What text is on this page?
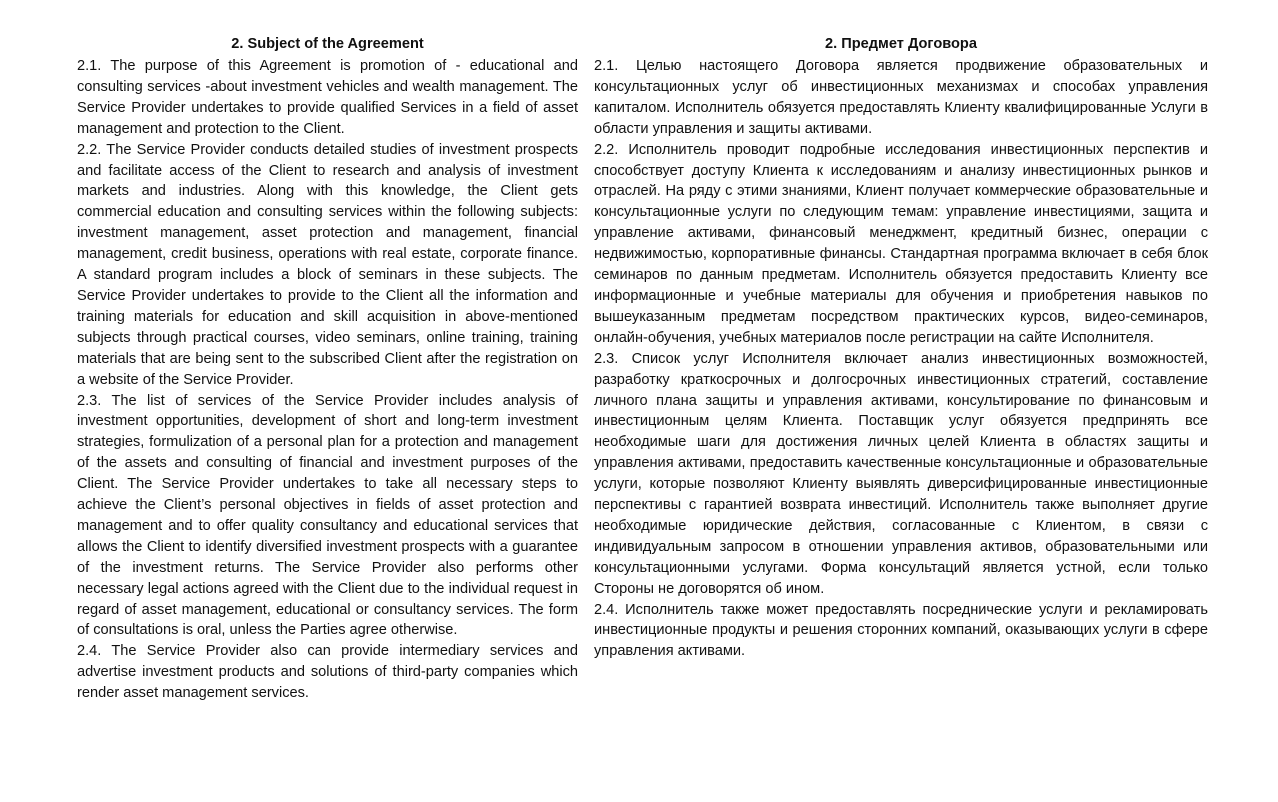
2. Subject of the Agreement

2.1. The purpose of this Agreement is promotion of - educational and consulting services -about investment vehicles and wealth management. The Service Provider undertakes to provide qualified Services in a field of asset management and protection to the Client.

2.2. The Service Provider conducts detailed studies of investment prospects and facilitate access of the Client to research and analysis of investment markets and industries. Along with this knowledge, the Client gets commercial education and consulting services within the following subjects: investment management, asset protection and management, financial management, credit business, operations with real estate, corporate finance. A standard program includes a block of seminars in these subjects. The Service Provider undertakes to provide to the Client all the information and training materials for education and skill acquisition in above-mentioned subjects through practical courses, video seminars, online training, training materials that are being sent to the subscribed Client after the registration on a website of the Service Provider.

2.3. The list of services of the Service Provider includes analysis of investment opportunities, development of short and long-term investment strategies, formulization of a personal plan for a protection and management of the assets and consulting of financial and investment purposes of the Client. The Service Provider undertakes to take all necessary steps to achieve the Client’s personal objectives in fields of asset protection and management and to offer quality consultancy and educational services that allows the Client to identify diversified investment prospects with a guarantee of the investment returns. The Service Provider also performs other necessary legal actions agreed with the Client due to the individual request in regard of asset management, educational or consultancy services. The form of consultations is oral, unless the Parties agree otherwise.

2.4. The Service Provider also can provide intermediary services and advertise investment products and solutions of third-party companies which render asset management services.

2. Предмет Договора

2.1. Целью настоящего Договора является продвижение образовательных и консультационных услуг об инвестиционных механизмах и способах управления капиталом. Исполнитель обязуется предоставлять Клиенту квалифицированные Услуги в области управления и защиты активами.

2.2. Исполнитель проводит подробные исследования инвестиционных перспектив и способствует доступу Клиента к исследованиям и анализу инвестиционных рынков и отраслей. На ряду с этими знаниями, Клиент получает коммерческие образовательные и консультационные услуги по следующим темам: управление инвестициями, защита и управление активами, финансовый менеджмент, кредитный бизнес, операции с недвижимостью, корпоративные финансы. Стандартная программа включает в себя блок семинаров по данным предметам. Исполнитель обязуется предоставить Клиенту все информационные и учебные материалы для обучения и приобретения навыков по вышеуказанным предметам посредством практических курсов, видео-семинаров, онлайн-обучения, учебных материалов после регистрации на сайте Исполнителя.

2.3. Список услуг Исполнителя включает анализ инвестиционных возможностей, разработку краткосрочных и долгосрочных инвестиционных стратегий, составление личного плана защиты и управления активами, консультирование по финансовым и инвестиционным целям Клиента. Поставщик услуг обязуется предпринять все необходимые шаги для достижения личных целей Клиента в областях защиты и управления активами, предоставить качественные консультационные и образовательные услуги, которые позволяют Клиенту выявлять диверсифицированные инвестиционные перспективы с гарантией возврата инвестиций. Исполнитель также выполняет другие необходимые юридические действия, согласованные с Клиентом, в связи с индивидуальным запросом в отношении управления активов, образовательными или консультационными услугами. Форма консультаций является устной, если только Стороны не договорятся об ином.

2.4. Исполнитель также может предоставлять посреднические услуги и рекламировать инвестиционные продукты и решения сторонних компаний, оказывающих услуги в сфере управления активами.
